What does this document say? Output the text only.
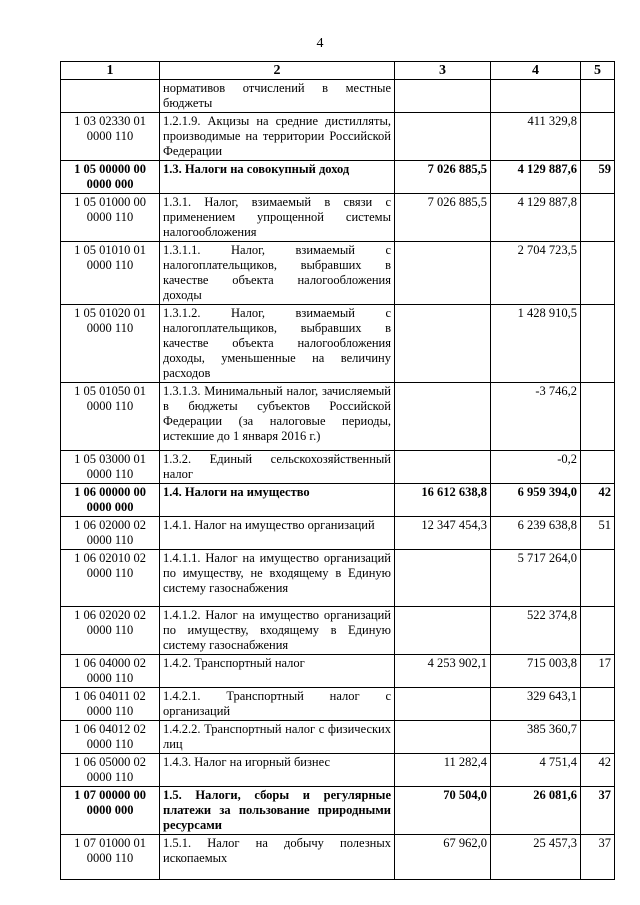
4
1	2	3	4	5
	нормативов отчислений в местные бюджеты			
1 03 02330 01 0000 110	1.2.1.9. Акцизы на средние дистилляты, производимые на территории Российской Федерации		411 329,8	
1 05 00000 00 0000 000	1.3. Налоги на совокупный доход	7 026 885,5	4 129 887,6	59
1 05 01000 00 0000 110	1.3.1. Налог, взимаемый в связи с применением упрощенной системы налогообложения	7 026 885,5	4 129 887,8	
1 05 01010 01 0000 110	1.3.1.1. Налог, взимаемый с налогоплательщиков, выбравших в качестве объекта налогообложения доходы		2 704 723,5	
1 05 01020 01 0000 110	1.3.1.2. Налог, взимаемый с налогоплательщиков, выбравших в качестве объекта налогообложения доходы, уменьшенные на величину расходов		1 428 910,5	
1 05 01050 01 0000 110	1.3.1.3. Минимальный налог, зачисляемый в бюджеты субъектов Российской Федерации (за налоговые периоды, истекшие до 1 января 2016 г.)		-3 746,2	
1 05 03000 01 0000 110	1.3.2. Единый сельскохозяйственный налог		-0,2	
1 06 00000 00 0000 000	1.4. Налоги на имущество	16 612 638,8	6 959 394,0	42
1 06 02000 02 0000 110	1.4.1. Налог на имущество организаций	12 347 454,3	6 239 638,8	51
1 06 02010 02 0000 110	1.4.1.1. Налог на имущество организаций по имуществу, не входящему в Единую систему газоснабжения		5 717 264,0	
1 06 02020 02 0000 110	1.4.1.2. Налог на имущество организаций по имуществу, входящему в Единую систему газоснабжения		522 374,8	
1 06 04000 02 0000 110	1.4.2. Транспортный налог	4 253 902,1	715 003,8	17
1 06 04011 02 0000 110	1.4.2.1. Транспортный налог с организаций		329 643,1	
1 06 04012 02 0000 110	1.4.2.2. Транспортный налог с физических лиц		385 360,7	
1 06 05000 02 0000 110	1.4.3. Налог на игорный бизнес	11 282,4	4 751,4	42
1 07 00000 00 0000 000	1.5. Налоги, сборы и регулярные платежи за пользование природными ресурсами	70 504,0	26 081,6	37
1 07 01000 01 0000 110	1.5.1. Налог на добычу полезных ископаемых	67 962,0	25 457,3	37
